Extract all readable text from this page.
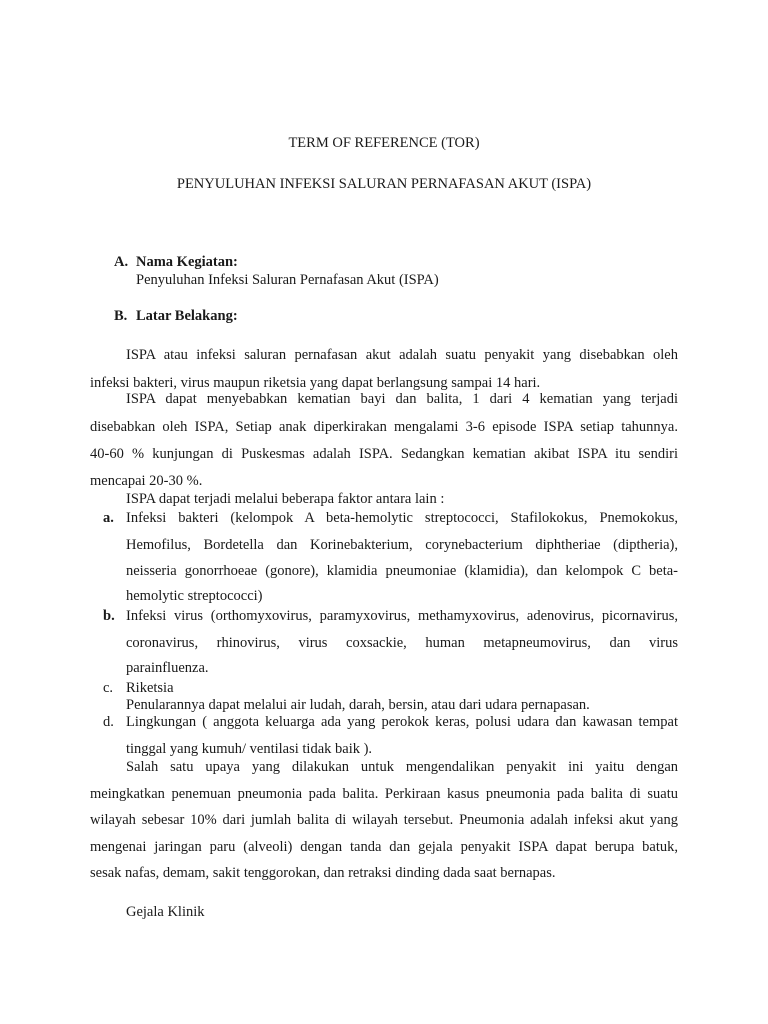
TERM OF REFERENCE (TOR)
PENYULUHAN INFEKSI SALURAN PERNAFASAN AKUT (ISPA)
A. Nama Kegiatan:
Penyuluhan Infeksi Saluran Pernafasan Akut (ISPA)
B. Latar Belakang:
ISPA atau infeksi saluran pernafasan akut adalah suatu penyakit yang disebabkan oleh
infeksi bakteri, virus maupun riketsia yang dapat berlangsung sampai 14 hari.
ISPA dapat menyebabkan kematian bayi dan balita, 1 dari 4 kematian yang terjadi
disebabkan oleh ISPA, Setiap anak diperkirakan mengalami 3-6 episode ISPA setiap tahunnya.
40-60 % kunjungan di Puskesmas adalah ISPA. Sedangkan kematian akibat ISPA itu sendiri
mencapai 20-30 %.
ISPA dapat terjadi melalui beberapa faktor antara lain :
a. Infeksi bakteri (kelompok A beta-hemolytic streptococci, Stafilokokus, Pnemokokus,
Hemofilus, Bordetella dan Korinebakterium, corynebacterium diphtheriae (diptheria),
neisseria gonorrhoeae (gonore), klamidia pneumoniae (klamidia), dan kelompok C beta-
hemolytic streptococci)
b. Infeksi virus (orthomyxovirus, paramyxovirus, methamyxovirus, adenovirus, picornavirus,
coronavirus, rhinovirus, virus coxsackie, human metapneumovirus, dan virus
parainfluenza.
c. Riketsia
Penularannya dapat melalui air ludah, darah, bersin, atau dari udara pernapasan.
d. Lingkungan ( anggota keluarga ada yang perokok keras, polusi udara dan kawasan tempat
tinggal yang kumuh/ ventilasi tidak baik ).
Salah satu upaya yang dilakukan untuk mengendalikan penyakit ini yaitu dengan
meingkatkan penemuan pneumonia pada balita. Perkiraan kasus pneumonia pada balita di suatu
wilayah sebesar 10% dari jumlah balita di wilayah tersebut. Pneumonia adalah infeksi akut yang
mengenai jaringan paru (alveoli) dengan tanda dan gejala penyakit ISPA dapat berupa batuk,
sesak nafas, demam, sakit tenggorokan, dan retraksi dinding dada saat bernapas.
Gejala Klinik
